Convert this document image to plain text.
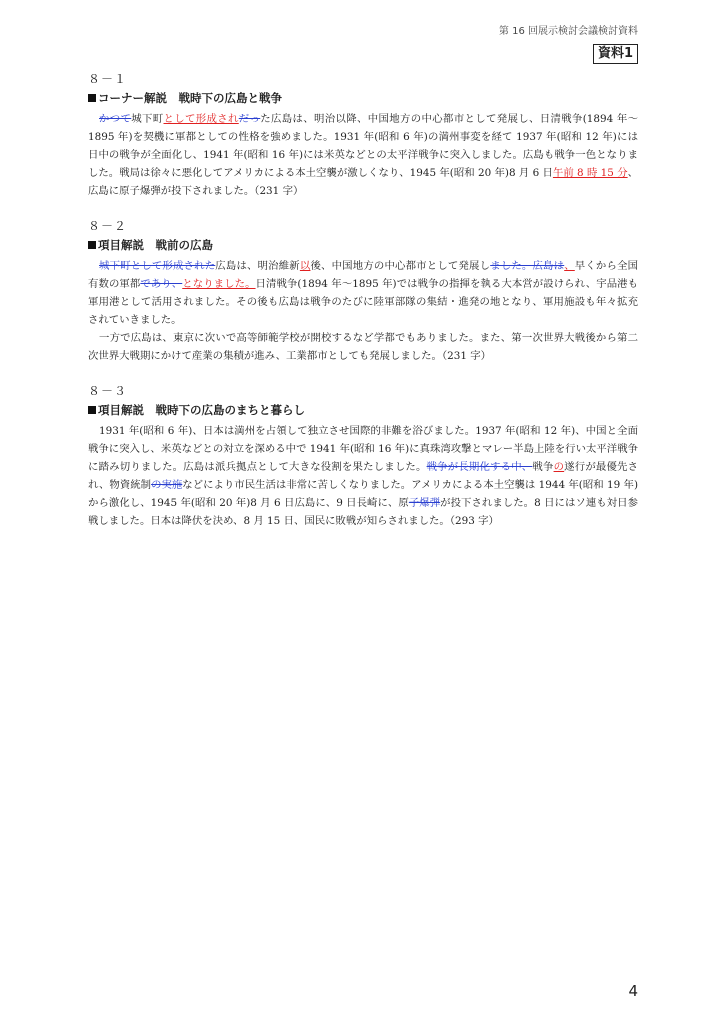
第 16 回展示検討会議検討資料
資料1
８－１
コーナー解説　戦時下の広島と戦争

かつて城下町として形成されだった広島は、明治以降、中国地方の中心都市として発展し、日清戦争(1894 年～1895 年)を契機に軍都としての性格を強めました。1931 年(昭和 6 年)の満州事変を経て 1937 年(昭和 12 年)には日中の戦争が全面化し、1941 年(昭和 16 年)には米英などとの太平洋戦争に突入しました。広島も戦争一色となりました。戦局は徐々に悪化してアメリカによる本土空襲が激しくなり、1945 年(昭和 20 年)8 月 6 日午前 8 時 15 分、広島に原子爆弾が投下されました。（231 字）

８－２
項目解説　戦前の広島

城下町として形成された広島は、明治維新以後、中国地方の中心都市として発展しました。広島は、早くから全国有数の軍都であり、となりました。日清戦争(1894 年～1895 年)では戦争の指揮を執る大本営が設けられ、宇品港も軍用港として活用されました。その後も広島は戦争のたびに陸軍部隊の集結・進発の地となり、軍用施設も年々拡充されていきました。

一方で広島は、東京に次いで高等師範学校が開校するなど学都でもありました。また、第一次世界大戦後から第二次世界大戦期にかけて産業の集積が進み、工業都市としても発展しました。（231 字）

８－３
項目解説　戦時下の広島のまちと暮らし

1931 年(昭和 6 年)、日本は満州を占領して独立させ国際的非難を浴びました。1937 年(昭和 12 年)、中国と全面戦争に突入し、米英などとの対立を深める中で 1941 年(昭和 16 年)に真珠湾攻撃とマレー半島上陸を行い太平洋戦争に踏み切りました。広島は派兵拠点として大きな役割を果たしました。戦争が長期化する中、戦争の遂行が最優先され、物資統制の実施などにより市民生活は非常に苦しくなりました。アメリカによる本土空襲は 1944 年(昭和 19 年)から激化し、1945 年(昭和 20 年)8 月 6 日広島に、9 日長崎に、原子爆弾が投下されました。8 日にはソ連も対日参戦しました。日本は降伏を決め、8 月 15 日、国民に敗戦が知らされました。（293 字）

4
